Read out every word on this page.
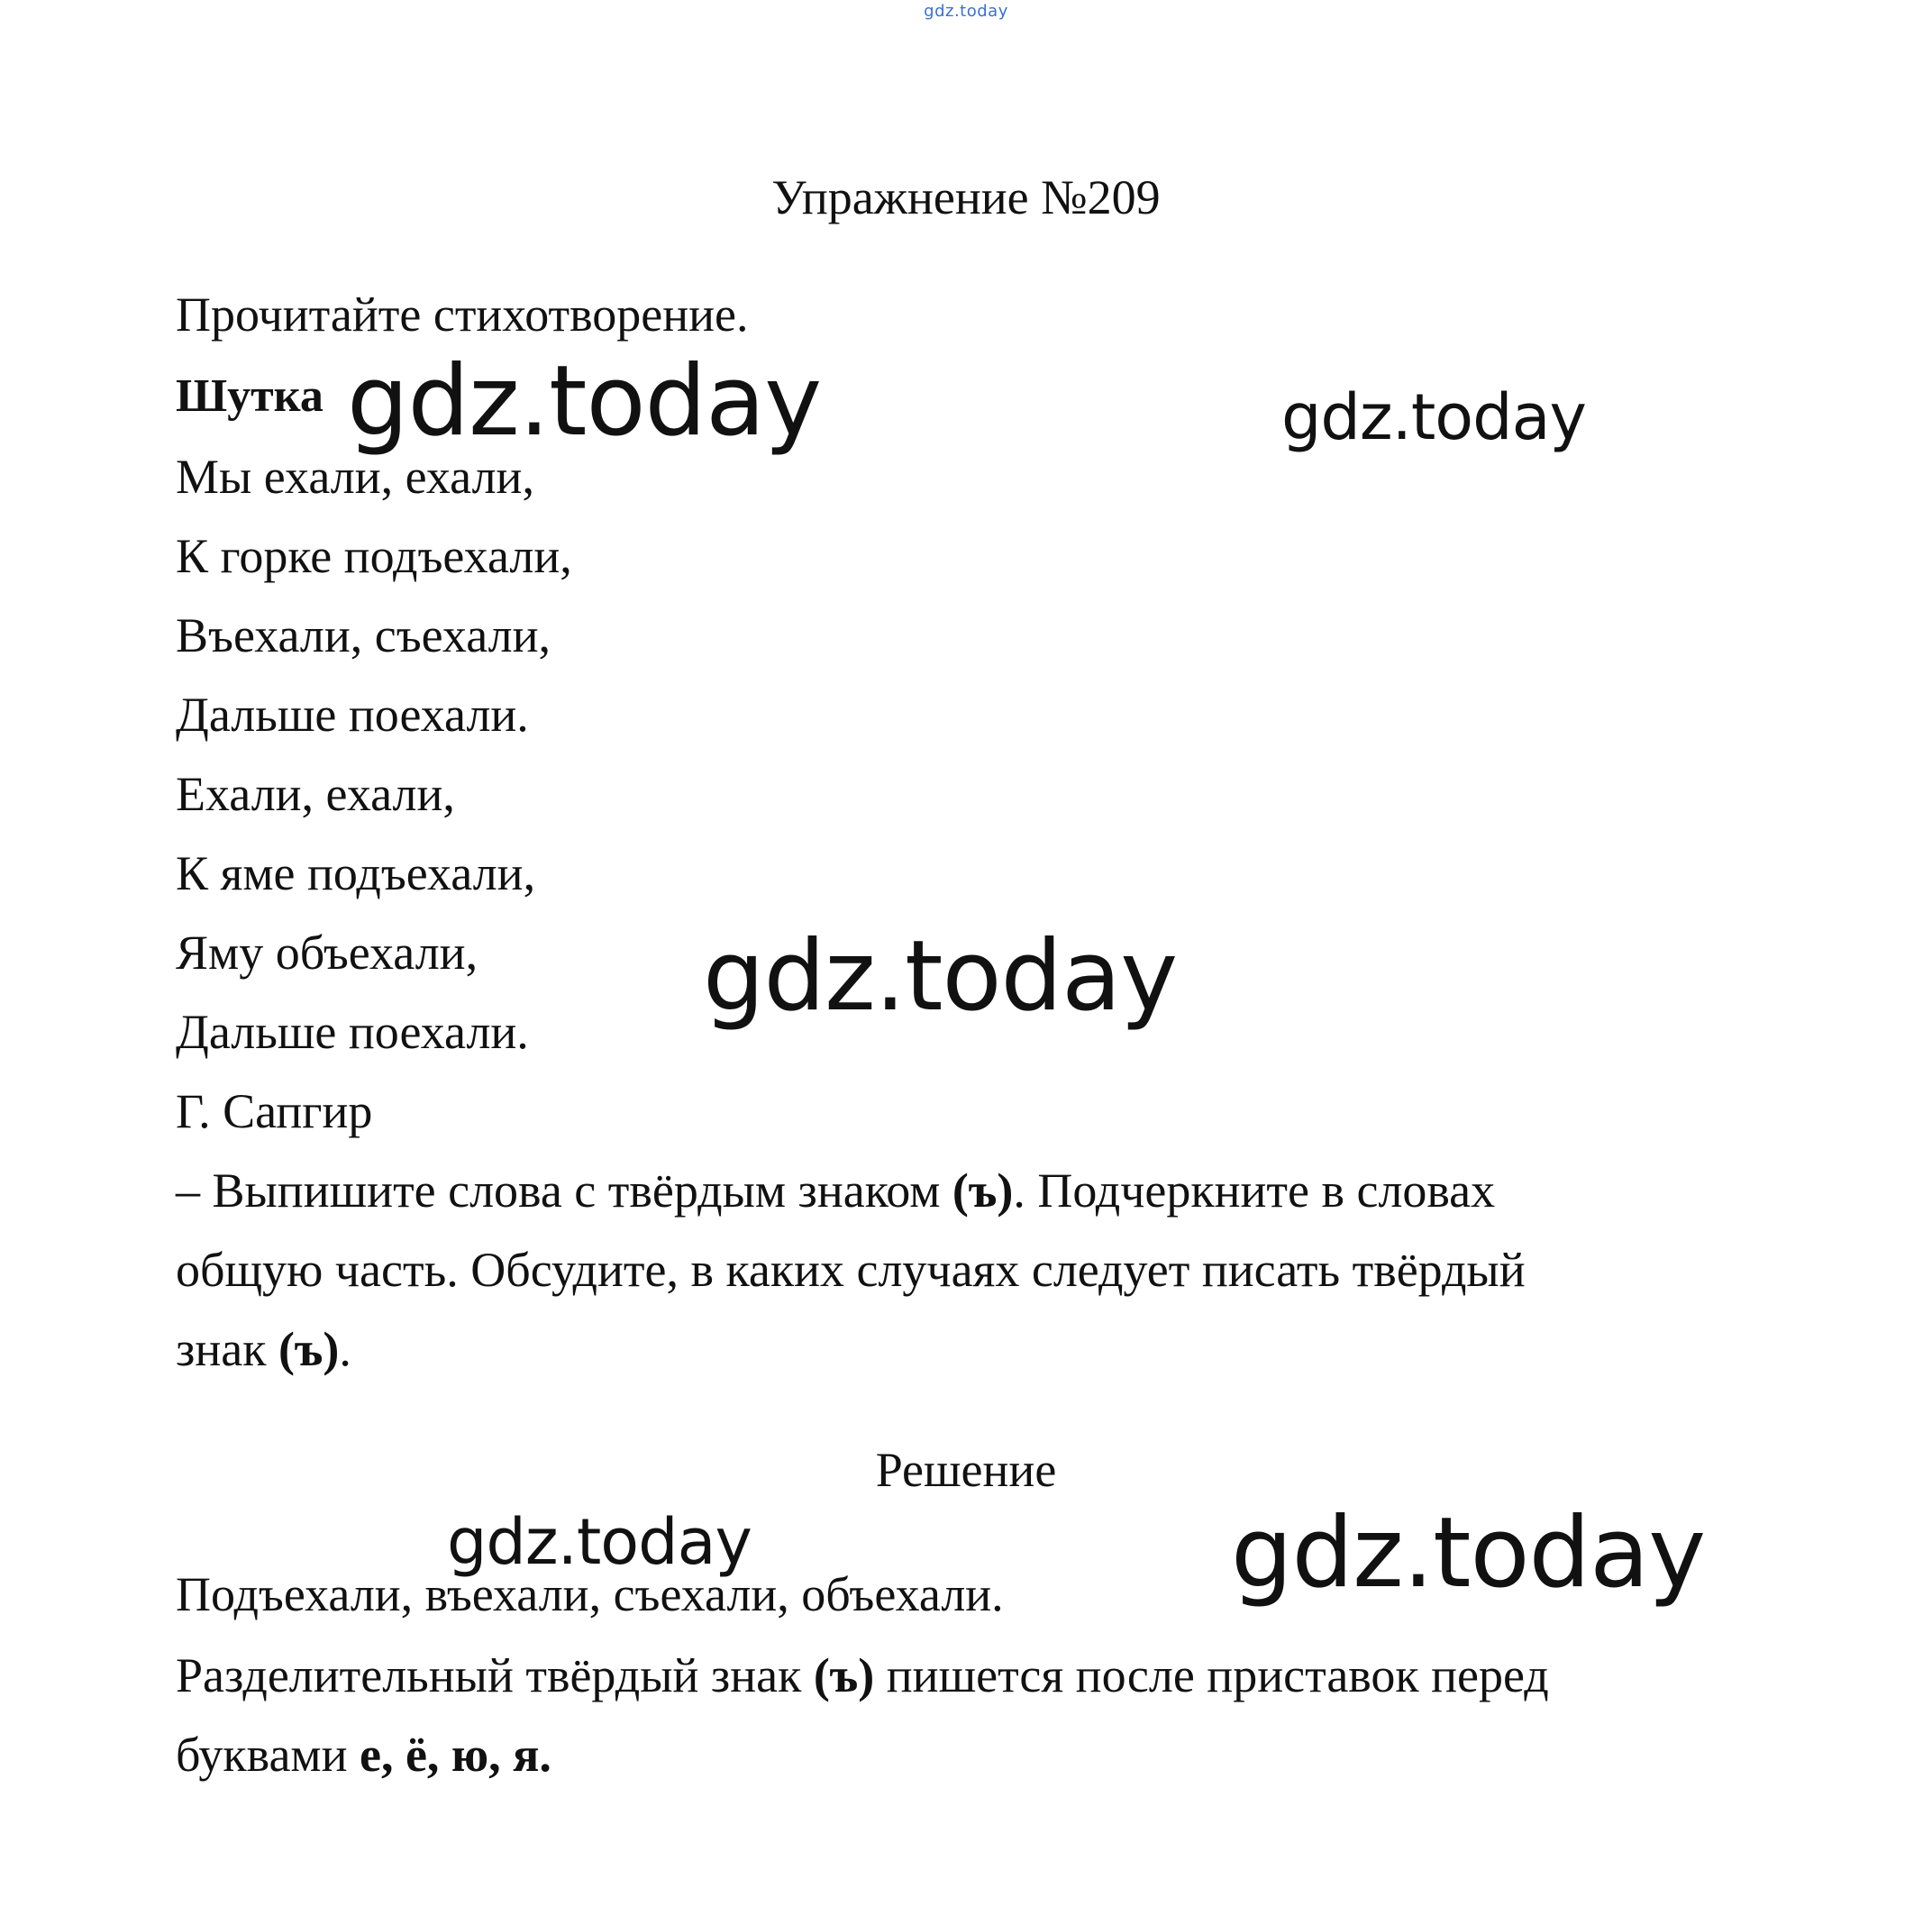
gdz.today
Упражнение №209
Прочитайте стихотворение.
Шутка
Мы ехали, ехали,
К горке подъехали,
Въехали, съехали,
Дальше поехали.
Ехали, ехали,
К яме подъехали,
Яму объехали,
Дальше поехали.
Г. Сапгир
– Выпишите слова с твёрдым знаком (ъ). Подчеркните в словах
общую часть. Обсудите, в каких случаях следует писать твёрдый
знак (ъ).
Решение
Подъехали, въехали, съехали, объехали.
Разделительный твёрдый знак (ъ) пишется после приставок перед
буквами е, ё, ю, я.
gdz.today	gdz.today
gdz.today
gdz.today	gdz.today
